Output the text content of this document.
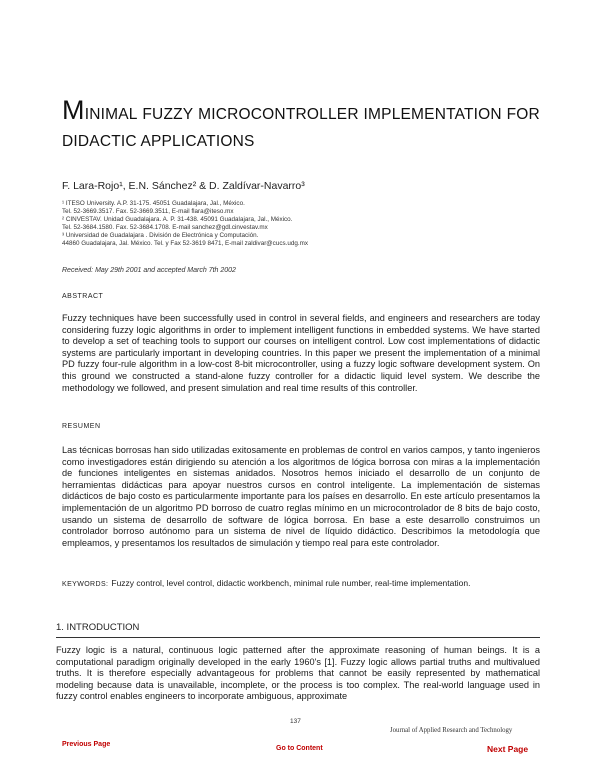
MINIMAL FUZZY MICROCONTROLLER IMPLEMENTATION FOR
DIDACTIC APPLICATIONS
F. Lara-Rojo¹, E.N. Sánchez² & D. Zaldívar-Navarro³
¹ ITESO University. A.P. 31-175. 45051 Guadalajara, Jal., México.
Tel. 52-3669.3517. Fax. 52-3669.3511, E-mail flara@iteso.mx
² CINVESTAV. Unidad Guadalajara. A. P. 31-438. 45091 Guadalajara, Jal., México.
Tel. 52-3684.1580. Fax. 52-3684.1708. E-mail sanchez@gdl.cinvestav.mx
³ Universidad de Guadalajara . División de Electrónica y Computación.
44860 Guadalajara, Jal. México. Tel. y Fax 52-3619 8471, E-mail zaldivar@cucs.udg.mx
Received: May 29th 2001 and accepted March 7th 2002
ABSTRACT
Fuzzy techniques have been successfully used in control in several fields, and engineers and researchers are today considering fuzzy logic algorithms in order to implement intelligent functions in embedded systems. We have started to develop a set of teaching tools to support our courses on intelligent control. Low cost implementations of didactic systems are particularly important in developing countries. In this paper we present the implementation of a minimal PD fuzzy four-rule algorithm in a low-cost 8-bit microcontroller, using a fuzzy logic software development system. On this ground we constructed a stand-alone fuzzy controller for a didactic liquid level system. We describe the methodology we followed, and present simulation and real time results of this controller.
RESUMEN
Las técnicas borrosas han sido utilizadas exitosamente en problemas de control en varios campos, y tanto ingenieros como investigadores están dirigiendo su atención a los algoritmos de lógica borrosa con miras a la implementación de funciones inteligentes en sistemas anidados. Nosotros hemos iniciado el desarrollo de un conjunto de herramientas didácticas para apoyar nuestros cursos en control inteligente. La implementación de sistemas didácticos de bajo costo es particularmente importante para los países en desarrollo. En este artículo presentamos la implementación de un algoritmo PD borroso de cuatro reglas mínimo en un microcontrolador de 8 bits de bajo costo, usando un sistema de desarrollo de software de lógica borrosa. En base a este desarrollo construimos un controlador borroso autónomo para un sistema de nivel de líquido didáctico. Describimos la metodología que empleamos, y presentamos los resultados de simulación y tiempo real para este controlador.
KEYWORDS: Fuzzy control, level control, didactic workbench, minimal rule number, real-time implementation.
1. INTRODUCTION
Fuzzy logic is a natural, continuous logic patterned after the approximate reasoning of human beings. It is a computational paradigm originally developed in the early 1960's [1]. Fuzzy logic allows partial truths and multivalued truths. It is therefore especially advantageous for problems that cannot be easily represented by mathematical modeling because data is unavailable, incomplete, or the process is too complex. The real-world language used in fuzzy control enables engineers to incorporate ambiguous, approximate
137
Journal of Applied Research and Technology
Previous Page
Go to Content	Next Page
